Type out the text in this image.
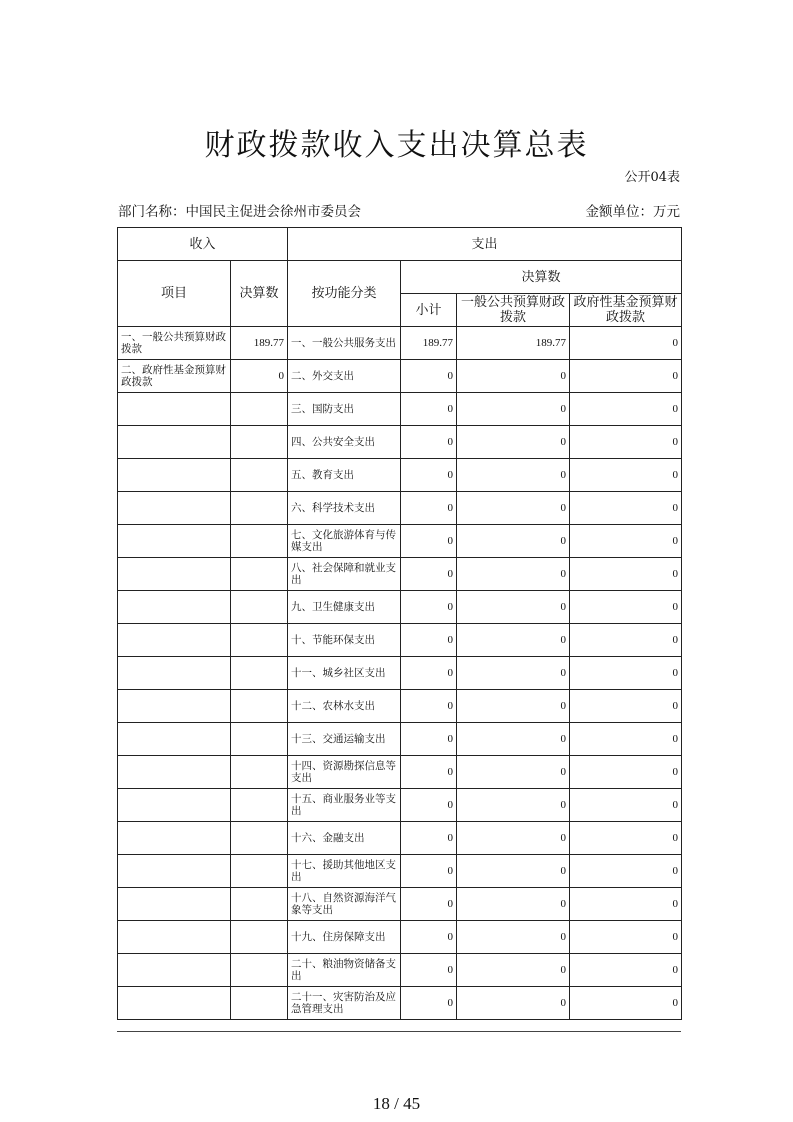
财政拨款收入支出决算总表
公开04表
部门名称：中国民主促进会徐州市委员会	金额单位：万元
收入		支出			
项目	决算数	按功能分类	决算数		
			小计	一般公共预算财政拨款	政府性基金预算财政拨款
一、一般公共预算财政拨款	189.77	一、一般公共服务支出	189.77	189.77	0
二、政府性基金预算财政拨款	0	二、外交支出	0	0	0
		三、国防支出	0	0	0
		四、公共安全支出	0	0	0
		五、教育支出	0	0	0
		六、科学技术支出	0	0	0
		七、文化旅游体育与传媒支出	0	0	0
		八、社会保障和就业支出	0	0	0
		九、卫生健康支出	0	0	0
		十、节能环保支出	0	0	0
		十一、城乡社区支出	0	0	0
		十二、农林水支出	0	0	0
		十三、交通运输支出	0	0	0
		十四、资源勘探信息等支出	0	0	0
		十五、商业服务业等支出	0	0	0
		十六、金融支出	0	0	0
		十七、援助其他地区支出	0	0	0
		十八、自然资源海洋气象等支出	0	0	0
		十九、住房保障支出	0	0	0
		二十、粮油物资储备支出	0	0	0
		二十一、灾害防治及应急管理支出	0	0	0
18 / 45
